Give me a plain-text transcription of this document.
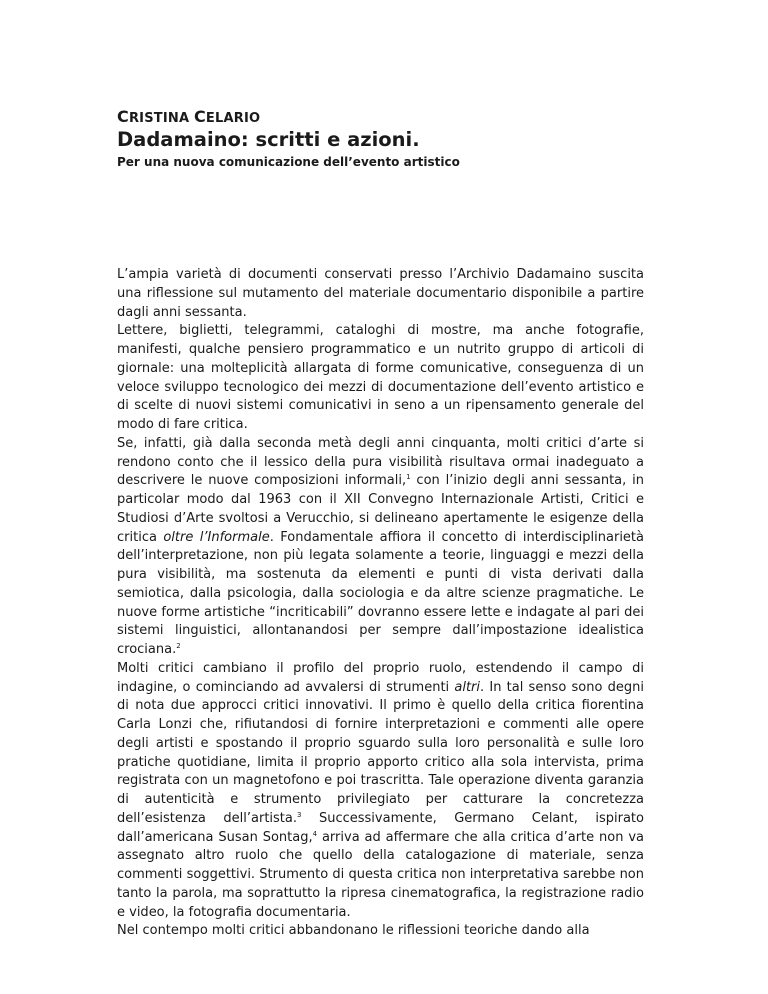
CRISTINA CELARIO
Dadamaino: scritti e azioni.
Per una nuova comunicazione dell’evento artistico

L’ampia varietà di documenti conservati presso l’Archivio Dadamaino suscita una riflessione sul mutamento del materiale documentario disponibile a partire dagli anni sessanta.

Lettere, biglietti, telegrammi, cataloghi di mostre, ma anche fotografie, manifesti, qualche pensiero programmatico e un nutrito gruppo di articoli di giornale: una molteplicità allargata di forme comunicative, conseguenza di un veloce sviluppo tecnologico dei mezzi di documentazione dell’evento artistico e di scelte di nuovi sistemi comunicativi in seno a un ripensamento generale del modo di fare critica.

Se, infatti, già dalla seconda metà degli anni cinquanta, molti critici d’arte si rendono conto che il lessico della pura visibilità risultava ormai inadeguato a descrivere le nuove composizioni informali,$^1$ con l’inizio degli anni sessanta, in particolar modo dal 1963 con il XII Convegno Internazionale Artisti, Critici e Studiosi d’Arte svoltosi a Verucchio, si delineano apertamente le esigenze della critica oltre l’Informale. Fondamentale affiora il concetto di interdisciplinarietà dell’interpretazione, non più legata solamente a teorie, linguaggi e mezzi della pura visibilità, ma sostenuta da elementi e punti di vista derivati dalla semiotica, dalla psicologia, dalla sociologia e da altre scienze pragmatiche. Le nuove forme artistiche “incriticabili” dovranno essere lette e indagate al pari dei sistemi linguistici, allontanandosi per sempre dall’impostazione idealistica crociana.$^2$

Molti critici cambiano il profilo del proprio ruolo, estendendo il campo di indagine, o cominciando ad avvalersi di strumenti altri. In tal senso sono degni di nota due approcci critici innovativi. Il primo è quello della critica fiorentina Carla Lonzi che, rifiutandosi di fornire interpretazioni e commenti alle opere degli artisti e spostando il proprio sguardo sulla loro personalità e sulle loro pratiche quotidiane, limita il proprio apporto critico alla sola intervista, prima registrata con un magnetofono e poi trascritta. Tale operazione diventa garanzia di autenticità e strumento privilegiato per catturare la concretezza dell’esistenza dell’artista.$^3$ Successivamente, Germano Celant, ispirato dall’americana Susan Sontag,$^4$ arriva ad affermare che alla critica d’arte non va assegnato altro ruolo che quello della catalogazione di materiale, senza commenti soggettivi. Strumento di questa critica non interpretativa sarebbe non tanto la parola, ma soprattutto la ripresa cinematografica, la registrazione radio e video, la fotografia documentaria.

Nel contempo molti critici abbandonano le riflessioni teoriche dando alla
